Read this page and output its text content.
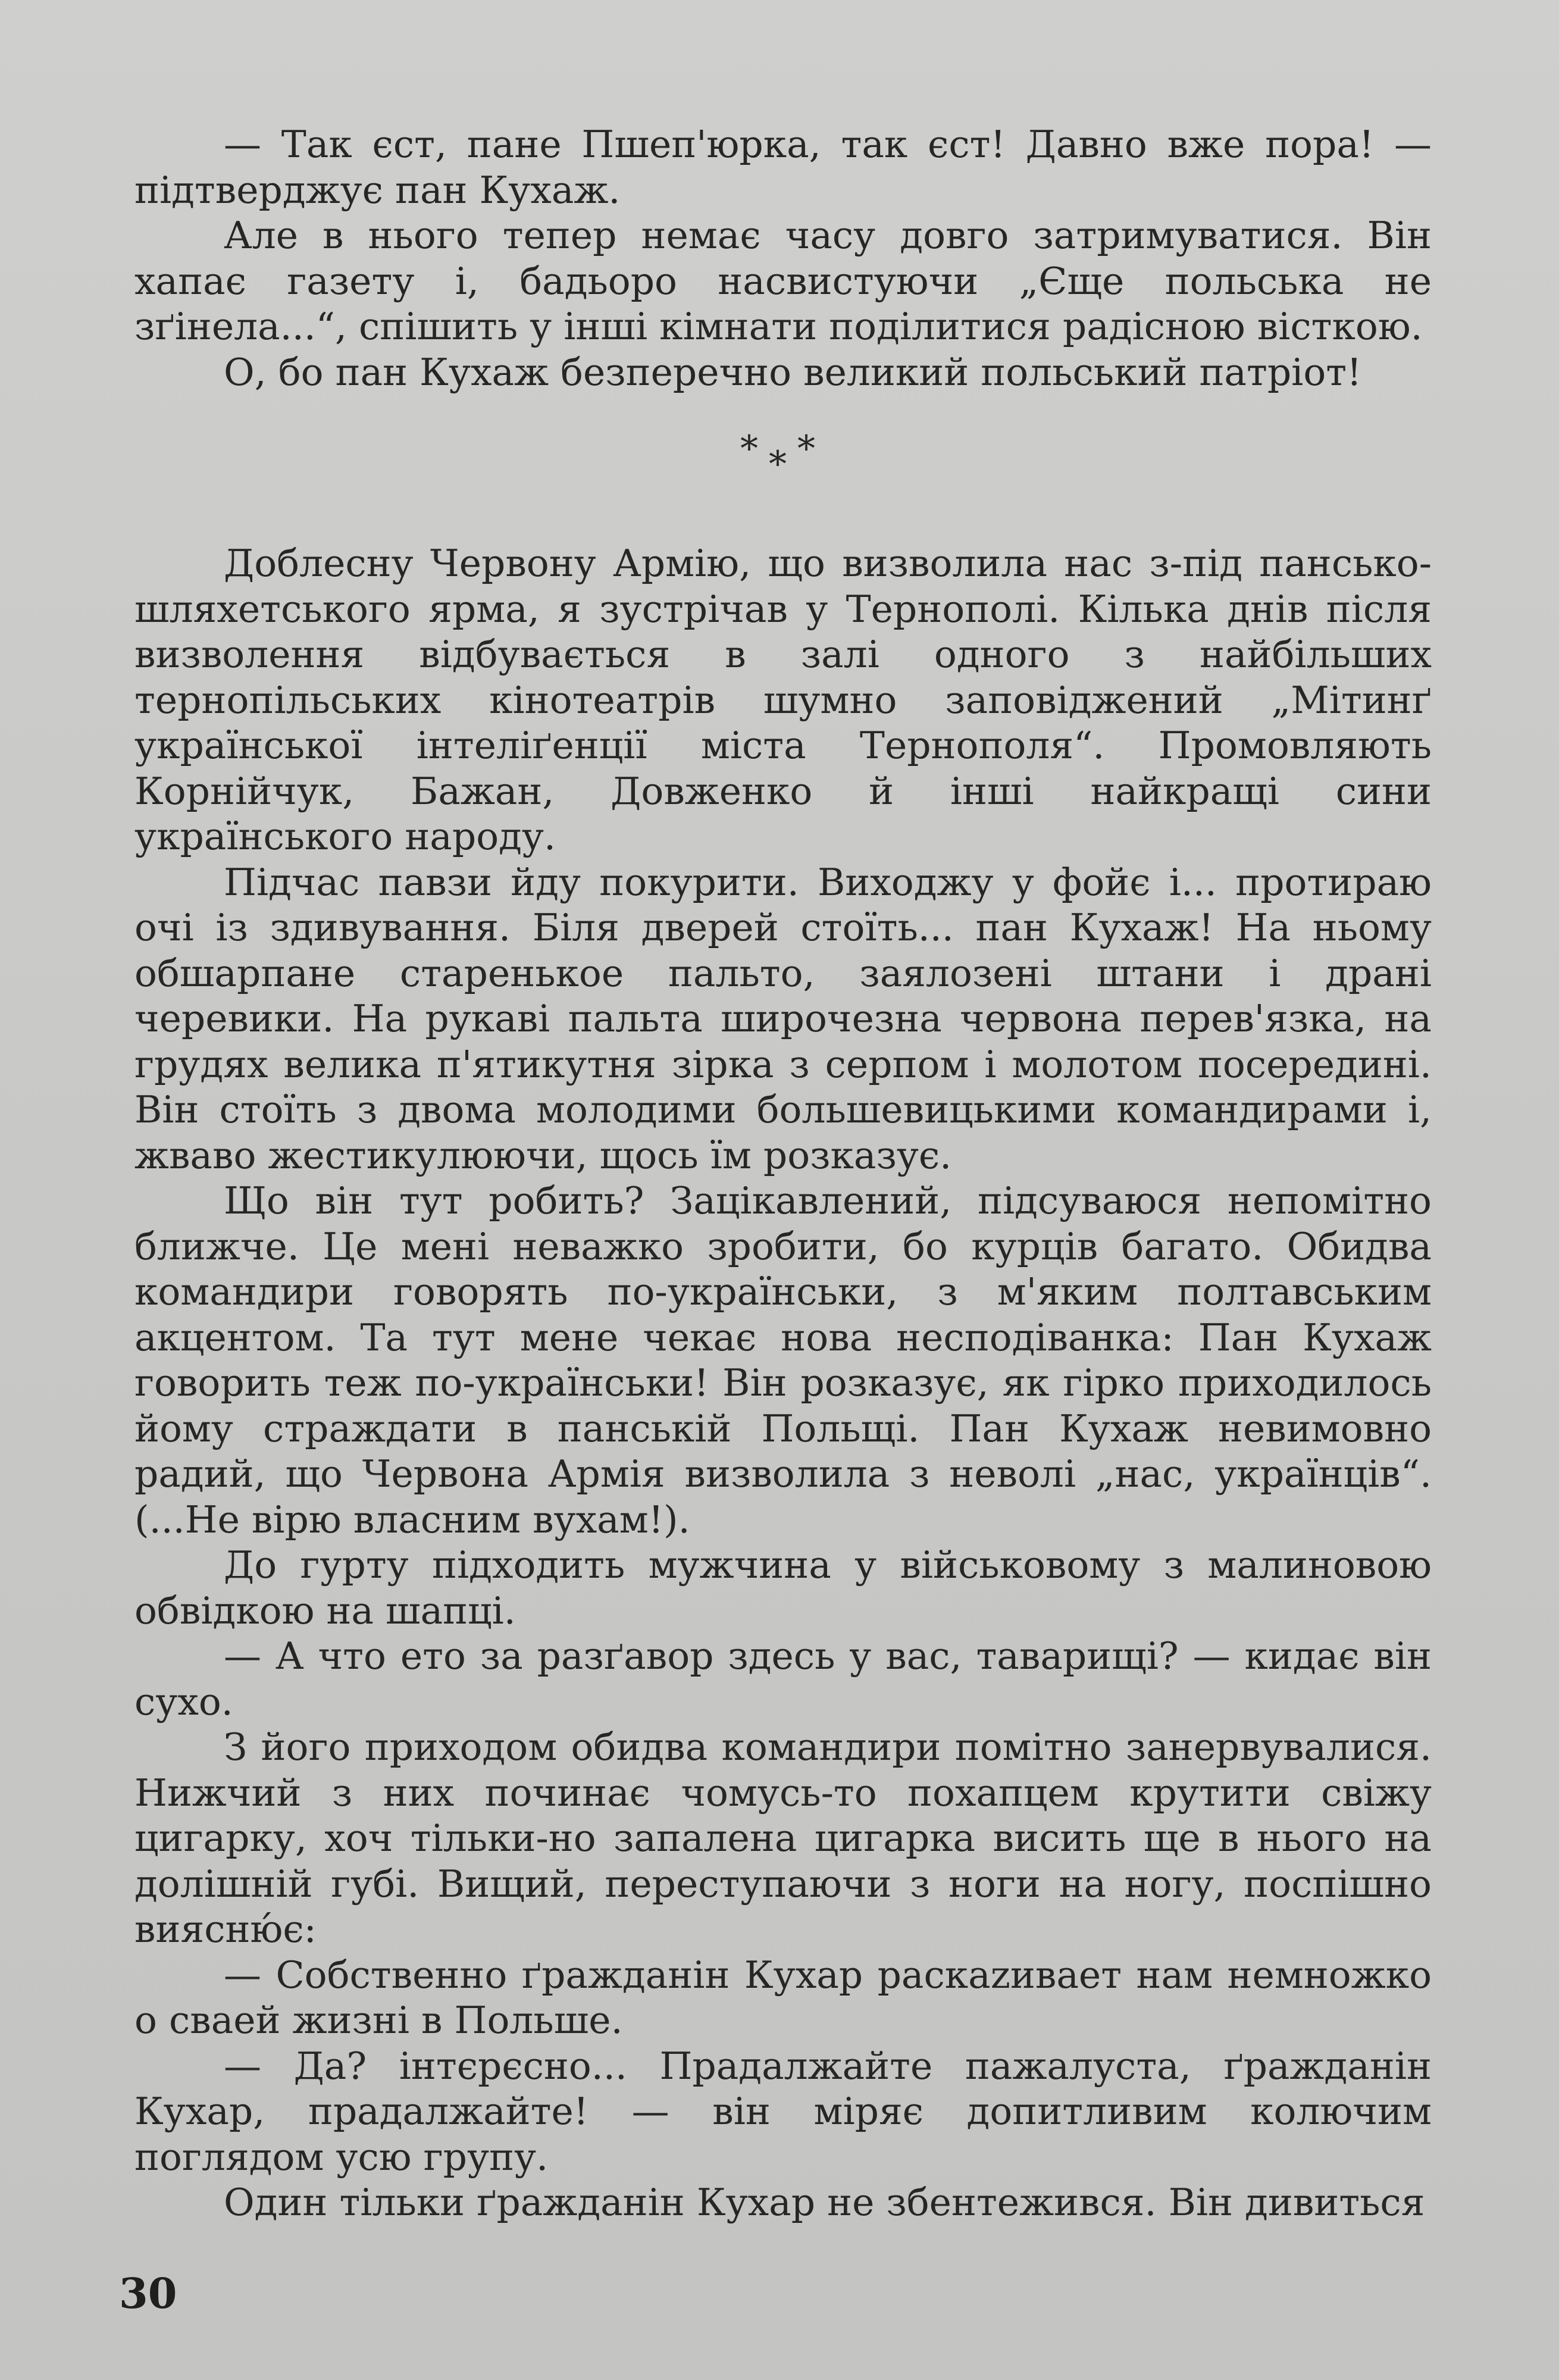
— Так єст, пане Пшеп'юрка, так єст! Давно вже пора! — підтверджує пан Кухаж.

Але в нього тепер немає часу довго затримуватися. Він хапає газету і, бадьоро насвистуючи „Єще польська не зґінела...“, спішить у інші кімнати поділитися радісною вісткою.

О, бо пан Кухаж безперечно великий польський патріот!

***

Доблесну Червону Армію, що визволила нас з-під пансько-шляхетського ярма, я зустрічав у Тернополі. Кілька днів після визволення відбувається в залі одного з найбільших тернопільських кінотеатрів шумно заповіджений „Мітинґ української інтеліґенції міста Тернополя“. Промовляють Корнійчук, Бажан, Довженко й інші найкращі сини українського народу.

Підчас павзи йду покурити. Виходжу у фойє і... протираю очі із здивування. Біля дверей стоїть... пан Кухаж! На ньому обшарпане старенькое пальто, заялозені штани і драні черевики. На рукаві пальта широчезна червона перев'язка, на грудях велика п'ятикутня зірка з серпом і молотом посередині. Він стоїть з двома молодими большевицькими командирами і, жваво жестикулюючи, щось їм розказує.

Що він тут робить? Зацікавлений, підсуваюся непомітно ближче. Це мені неважко зробити, бо курців багато. Обидва командири говорять по-українськи, з м'яким полтавським акцентом. Та тут мене чекає нова несподіванка: Пан Кухаж говорить теж по-українськи! Він розказує, як гірко приходилось йому страждати в панській Польщі. Пан Кухаж невимовно радий, що Червона Армія визволила з неволі „нас, українців“. (...Не вірю власним вухам!).

До гурту підходить мужчина у військовому з малиновою обвідкою на шапці.

— А что ето за разґавор здесь у вас, таварищі? — кидає він сухо.

З його приходом обидва командири помітно занервувалися. Нижчий з них починає чомусь-то похапцем крутити свіжу цигарку, хоч тільки-но запалена цигарка висить ще в нього на долішній губі. Вищий, переступаючи з ноги на ногу, поспішно виясню́є:

— Собственно ґражданін Кухар раскazивает нам немножко о сваей жизні в Польше.

— Да? інтєрєсно... Прадалжайте пажалуста, ґражданін Кухар, прадалжайте! — він міряє допитливим колючим поглядом усю групу.

Один тільки ґражданін Кухар не збентежився. Він дивиться

30
